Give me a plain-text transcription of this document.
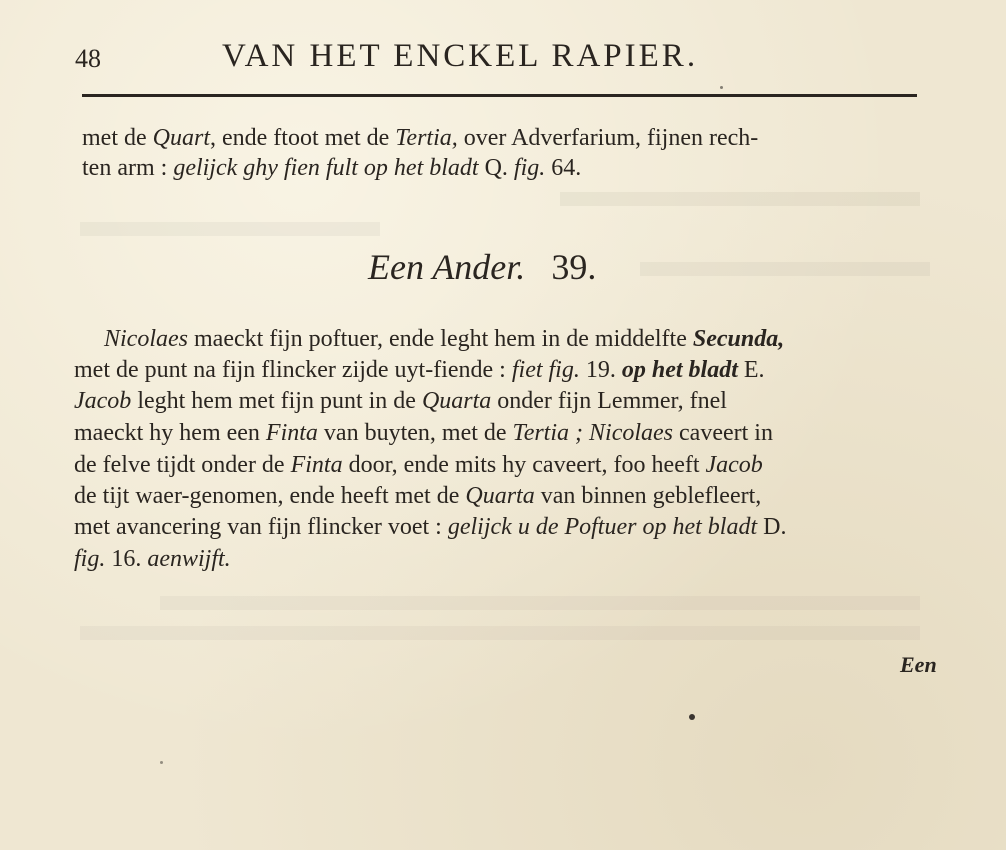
48	VAN HET ENCKEL RAPIER.
met de Quart, ende ftoot met de Tertia, over Adverfarium, fijnen rech-
ten arm : gelijck ghy fien fult op het bladt Q. fig. 64.
Een Ander. 39.
Nicolaes maeckt fijn poftuer, ende leght hem in de middelfte Secunda,
met de punt na fijn flincker zijde uyt-fiende : fiet fig. 19. op het bladt E.
Jacob leght hem met fijn punt in de Quarta onder fijn Lemmer, fnel
maeckt hy hem een Finta van buyten, met de Tertia ; Nicolaes caveert in
de felve tijdt onder de Finta door, ende mits hy caveert, foo heeft Jacob
de tijt waer-genomen, ende heeft met de Quarta van binnen geblefleert,
met avancering van fijn flincker voet : gelijck u de Poftuer op het bladt D.
fig. 16. aenwijft.
Een
